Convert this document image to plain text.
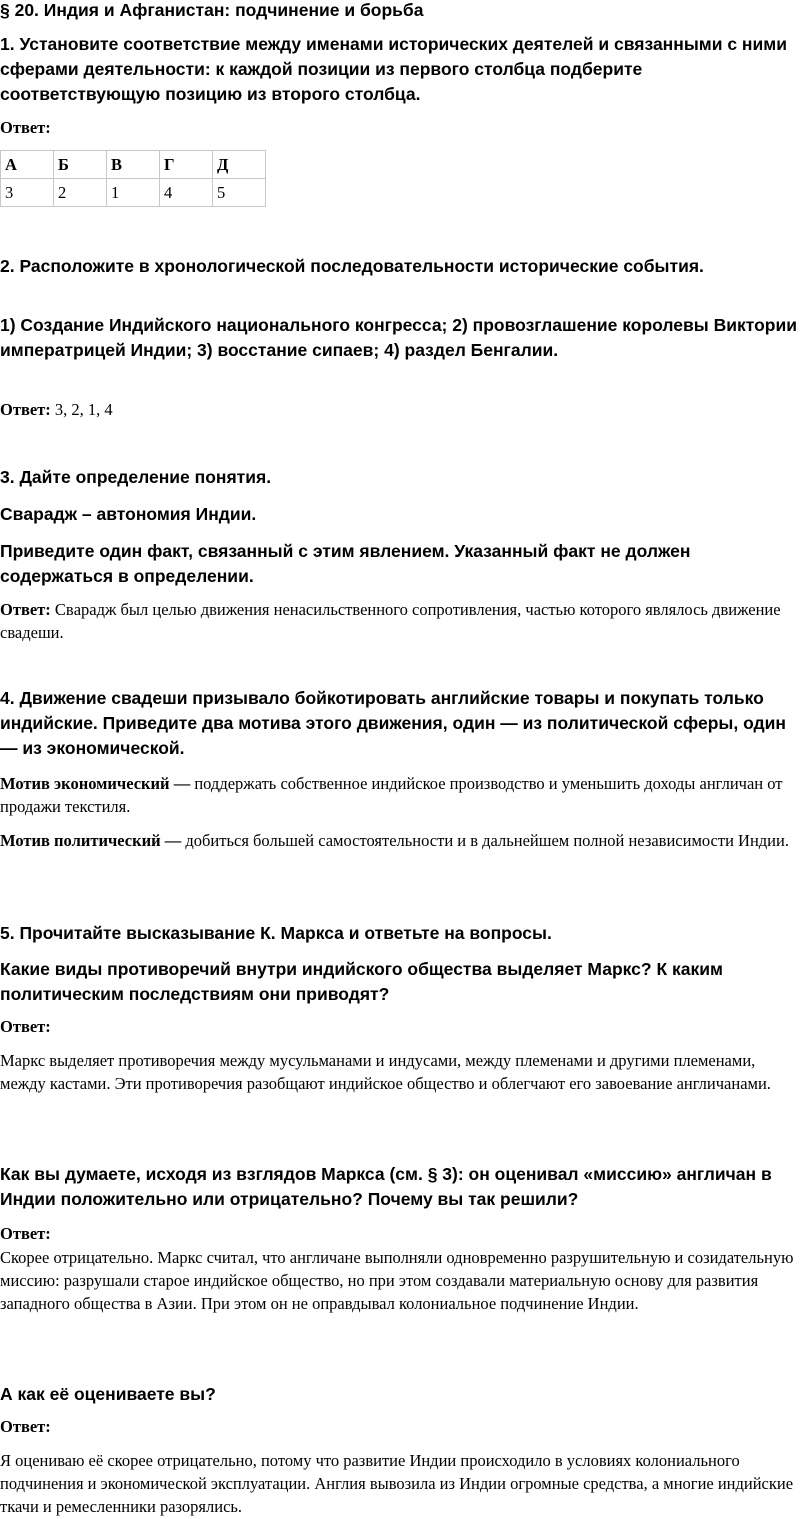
§ 20. Индия и Афганистан: подчинение и борьба

1. Установите соответствие между именами исторических деятелей и связанными с ними сферами деятельности: к каждой позиции из первого столбца подберите соответствующую позицию из второго столбца.

Ответ:

А	Б	В	Г	Д
3	2	1	4	5

2. Расположите в хронологической последовательности исторические события.

1) Создание Индийского национального конгресса; 2) провозглашение королевы Виктории императрицей Индии; 3) восстание сипаев; 4) раздел Бенгалии.

Ответ: 3, 2, 1, 4

3. Дайте определение понятия.

Свaрадж – автономия Индии.

Приведите один факт, связанный с этим явлением. Указанный факт не должен содержаться в определении.

Ответ: Свaрадж был целью движения ненасильственного сопротивления, частью которого являлось движение свадеши.

4. Движение свадеши призывало бойкотировать английские товары и покупать только индийские. Приведите два мотива этого движения, один — из политической сферы, один — из экономической.

Мотив экономический — поддержать собственное индийское производство и уменьшить доходы англичан от продажи текстиля.

Мотив политический — добиться большей самостоятельности и в дальнейшем полной независимости Индии.

5. Прочитайте высказывание К. Маркса и ответьте на вопросы.

Какие виды противоречий внутри индийского общества выделяет Маркс? К каким политическим последствиям они приводят?

Ответ:

Маркс выделяет противоречия между мусульманами и индусами, между племенами и другими племенами, между кастами. Эти противоречия разобщают индийское общество и облегчают его завоевание англичанами.

Как вы думаете, исходя из взглядов Маркса (см. § 3): он оценивал «миссию» англичан в Индии положительно или отрицательно? Почему вы так решили?

Ответ:

Скорее отрицательно. Маркс считал, что англичане выполняли одновременно разрушительную и созидательную миссию: разрушали старое индийское общество, но при этом создавали материальную основу для развития западного общества в Азии. При этом он не оправдывал колониальное подчинение Индии.

А как её оцениваете вы?

Ответ:

Я оцениваю её скорее отрицательно, потому что развитие Индии происходило в условиях колониального подчинения и экономической эксплуатации. Англия вывозила из Индии огромные средства, а многие индийские ткачи и ремесленники разорялись.
